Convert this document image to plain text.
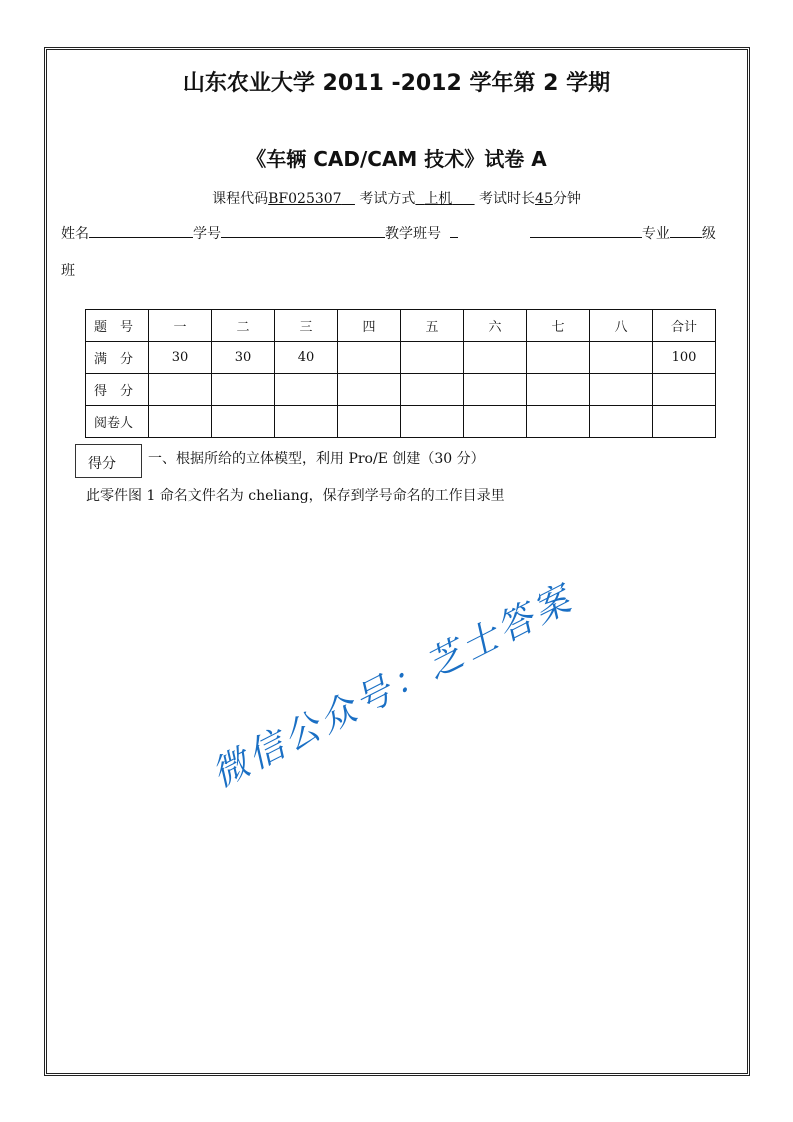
山东农业大学 2011 -2012 学年第 2 学期
《车辆 CAD/CAM 技术》试卷 A
课程代码BF025307 考试方式 上机 考试时长45分钟
姓名	学号	教学班号	专业 级
班
题　号	一	二	三	四	五	六	七	八	合计
满　分	30	30	40						100
得　分									
阅卷人									
得分	一、根据所给的立体模型，利用 Pro/E 创建（30 分）
此零件图 1 命名文件名为 cheliang，保存到学号命名的工作目录里
微信公众号：芝士答案
